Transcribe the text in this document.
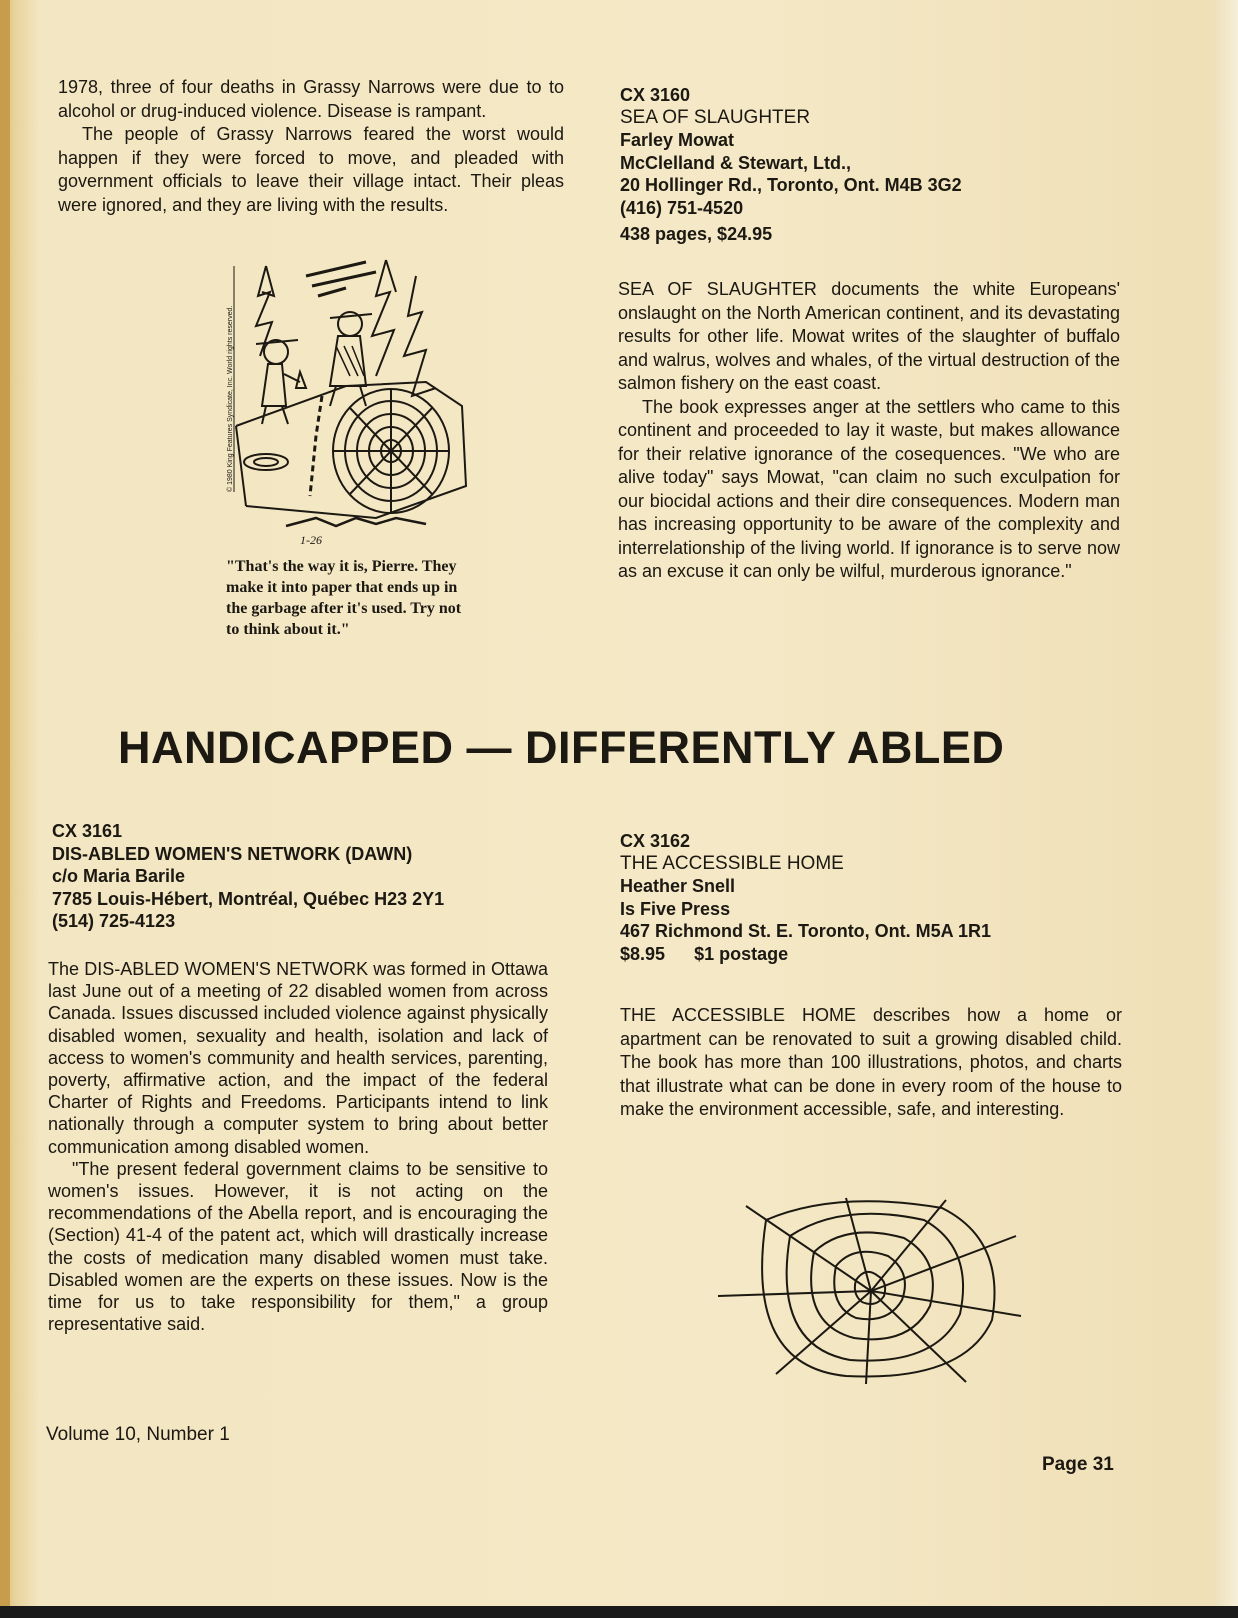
1978, three of four deaths in Grassy Narrows were due to to alcohol or drug-induced violence. Disease is rampant.

The people of Grassy Narrows feared the worst would happen if they were forced to move, and pleaded with government officials to leave their village intact. Their pleas were ignored, and they are living with the results.

© 1980 King Features Syndicate, Inc. World rights reserved.
1-26
"That's the way it is, Pierre. They make it into paper that ends up in the garbage after it's used. Try not to think about it."
CX 3160
SEA OF SLAUGHTER
Farley Mowat
McClelland & Stewart, Ltd.,
20 Hollinger Rd., Toronto, Ont. M4B 3G2
(416) 751-4520
438 pages, $24.95

SEA OF SLAUGHTER documents the white Europeans' onslaught on the North American continent, and its devastating results for other life. Mowat writes of the slaughter of buffalo and walrus, wolves and whales, of the virtual destruction of the salmon fishery on the east coast.

The book expresses anger at the settlers who came to this continent and proceeded to lay it waste, but makes allowance for their relative ignorance of the cosequences. "We who are alive today" says Mowat, "can claim no such exculpation for our biocidal actions and their dire consequences. Modern man has increasing opportunity to be aware of the complexity and interrelationship of the living world. If ignorance is to serve now as an excuse it can only be wilful, murderous ignorance."

HANDICAPPED — DIFFERENTLY ABLED
CX 3161
DIS-ABLED WOMEN'S NETWORK (DAWN)
c/o Maria Barile
7785 Louis-Hébert, Montréal, Québec H23 2Y1
(514) 725-4123

The DIS-ABLED WOMEN'S NETWORK was formed in Ottawa last June out of a meeting of 22 disabled women from across Canada. Issues discussed included violence against physically disabled women, sexuality and health, isolation and lack of access to women's community and health services, parenting, poverty, affirmative action, and the impact of the federal Charter of Rights and Freedoms. Participants intend to link nationally through a computer system to bring about better communication among disabled women.

"The present federal government claims to be sensitive to women's issues. However, it is not acting on the recommendations of the Abella report, and is encouraging the (Section) 41-4 of the patent act, which will drastically increase the costs of medication many disabled women must take. Disabled women are the experts on these issues. Now is the time for us to take responsibility for them," a group representative said.

CX 3162
THE ACCESSIBLE HOME
Heather Snell
Is Five Press
467 Richmond St. E. Toronto, Ont. M5A 1R1
$8.95 $1 postage

THE ACCESSIBLE HOME describes how a home or apartment can be renovated to suit a growing disabled child. The book has more than 100 illustrations, photos, and charts that illustrate what can be done in every room of the house to make the environment accessible, safe, and interesting.

Volume 10, Number 1
Page 31
